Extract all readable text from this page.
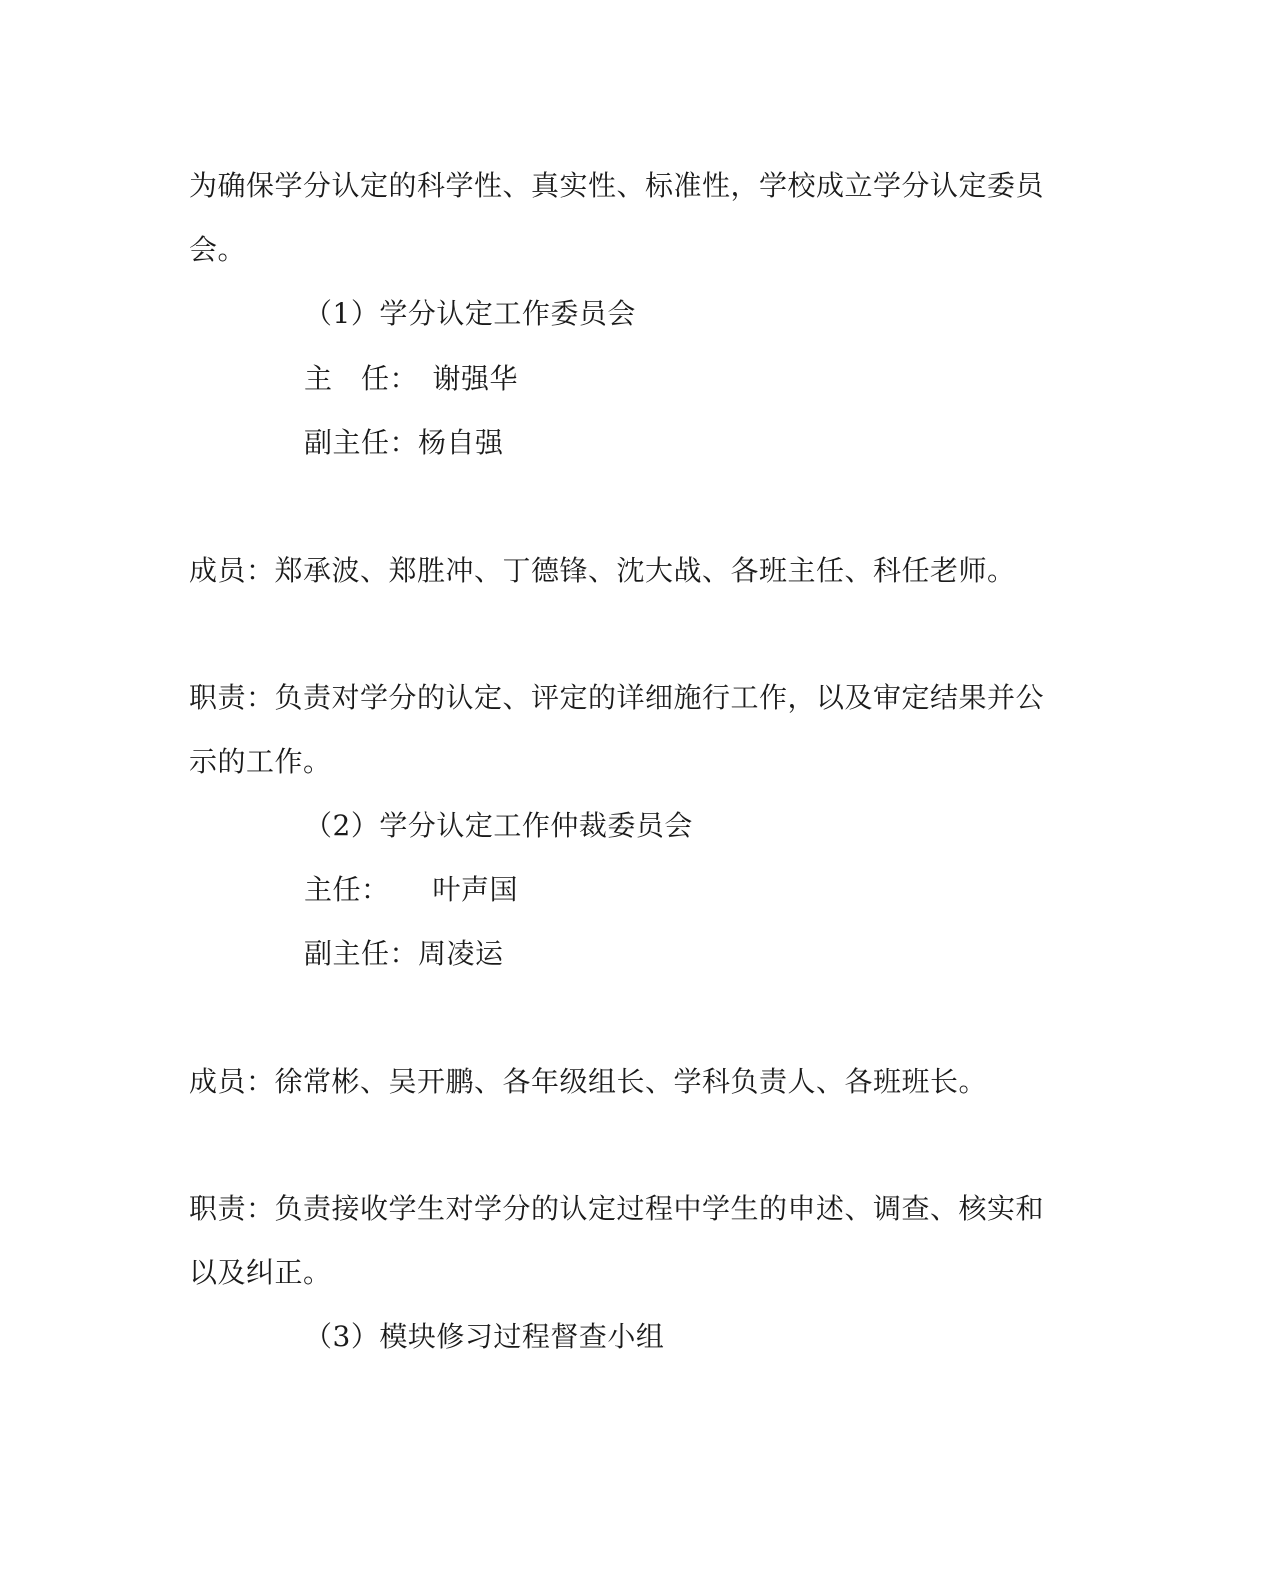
为确保学分认定的科学性、真实性、标准性，学校成立学分认定委员
会。
（1）学分认定工作委员会
主　任：　谢强华
副主任：杨自强
成员：郑承波、郑胜冲、丁德锋、沈大战、各班主任、科任老师。
职责：负责对学分的认定、评定的详细施行工作，以及审定结果并公
示的工作。
（2）学分认定工作仲裁委员会
主任：　　叶声国
副主任：周凌运
成员：徐常彬、吴开鹏、各年级组长、学科负责人、各班班长。
职责：负责接收学生对学分的认定过程中学生的申述、调查、核实和
以及纠正。
（3）模块修习过程督查小组
